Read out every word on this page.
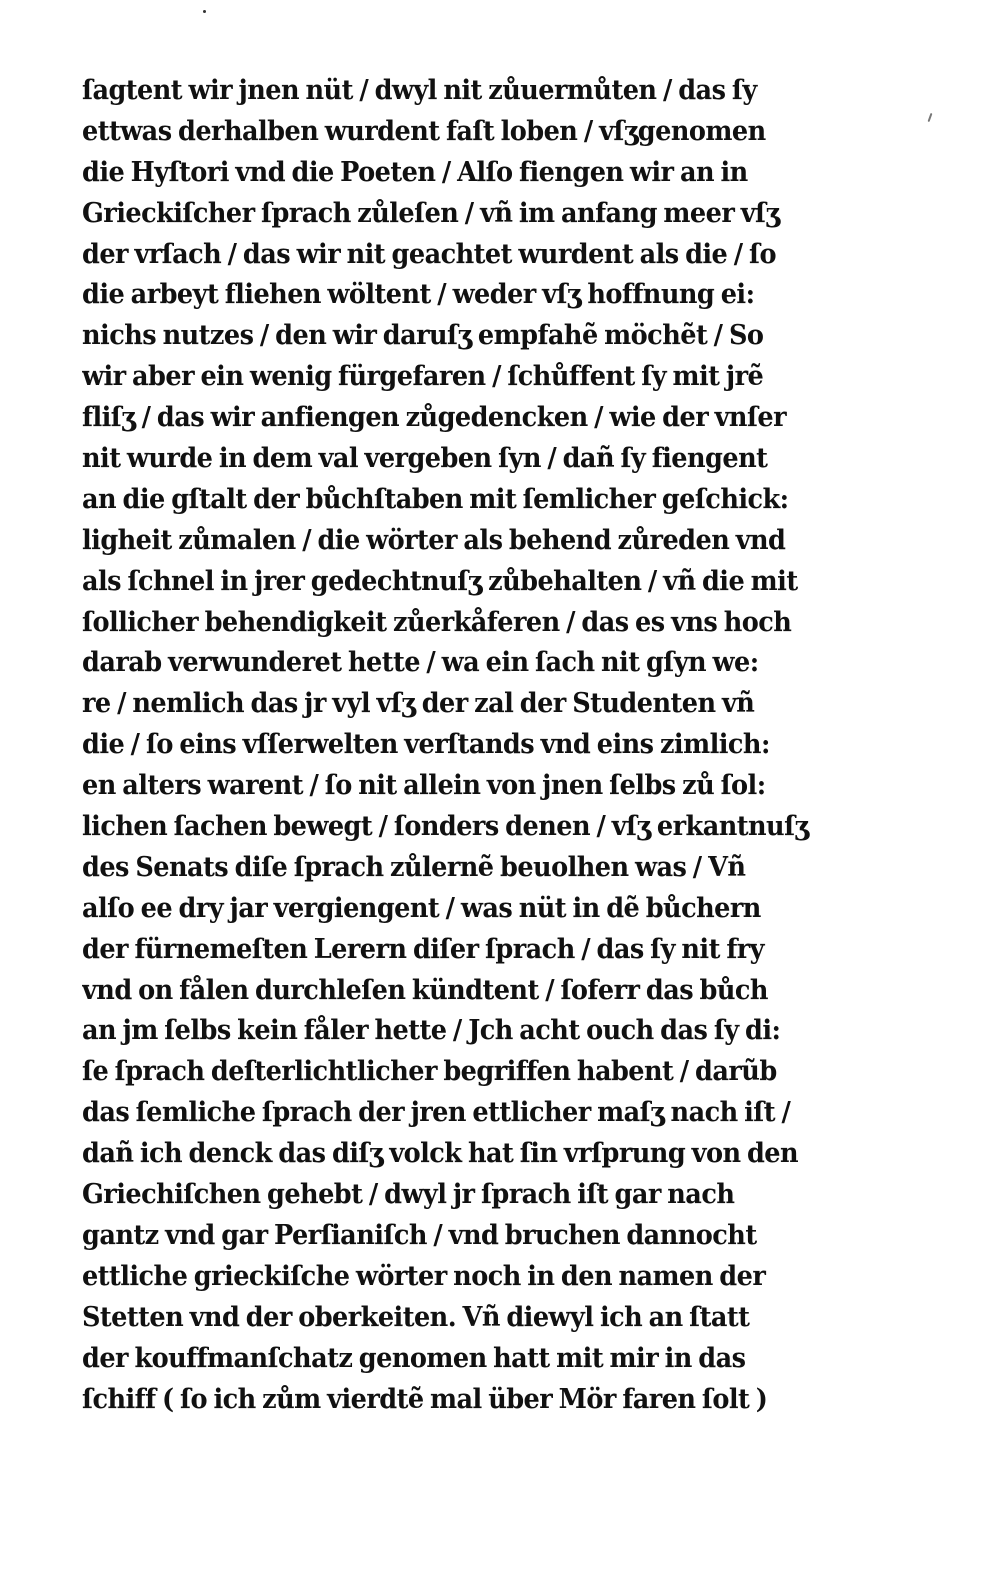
ſagtent wir jnen nüt / dwyl nit zůuermůten / das ſy
ettwas derhalben wurdent faſt loben / vſʒgenomen
die Hyſtori vnd die Poeten / Alſo fiengen wir an in
Grieckiſcher ſprach zůleſen / vñ im anfang meer vſʒ
der vrſach / das wir nit geachtet wurdent als die / ſo
die arbeyt fliehen wöltent / weder vſʒ hoffnung ei:
nichs nutzes / den wir daruſʒ empfahẽ möchẽt / So
wir aber ein wenig fürgefaren / ſchůffent ſy mit jrẽ
fliſʒ / das wir anfiengen zůgedencken / wie der vnſer
nit wurde in dem val vergeben ſyn / dañ ſy fiengent
an die gſtalt der bůchſtaben mit ſemlicher geſchick:
ligheit zůmalen / die wörter als behend zůreden vnd
als ſchnel in jrer gedechtnuſʒ zůbehalten / vñ die mit
ſollicher behendigkeit zůerkåferen / das es vns hoch
darab verwunderet hette / wa ein ſach nit gſyn we:
re / nemlich das jr vyl vſʒ der zal der Studenten vñ
die / ſo eins vſſerwelten verſtands vnd eins zimlich:
en alters warent / ſo nit allein von jnen ſelbs zů ſol:
lichen ſachen bewegt / ſonders denen / vſʒ erkantnuſʒ
des Senats diſe ſprach zůlernẽ beuolhen was / Vñ
alſo ee dry jar vergiengent / was nüt in dẽ bůchern
der fürnemeſten Lerern diſer ſprach / das ſy nit fry
vnd on fålen durchleſen kündtent / ſoferr das bůch
an jm ſelbs kein fåler hette / Jch acht ouch das ſy di:
ſe ſprach deſterlichtlicher begriffen habent / darũb
das ſemliche ſprach der jren ettlicher maſʒ nach iſt /
dañ ich denck das diſʒ volck hat ſin vrſprung von den
Griechiſchen gehebt / dwyl jr ſprach iſt gar nach
gantz vnd gar Perſianiſch / vnd bruchen dannocht
ettliche grieckiſche wörter noch in den namen der
Stetten vnd der oberkeiten. Vñ diewyl ich an ſtatt
der kouffmanſchatz genomen hatt mit mir in das
ſchiff ( ſo ich zům vierdtẽ mal über Mör faren ſolt )
